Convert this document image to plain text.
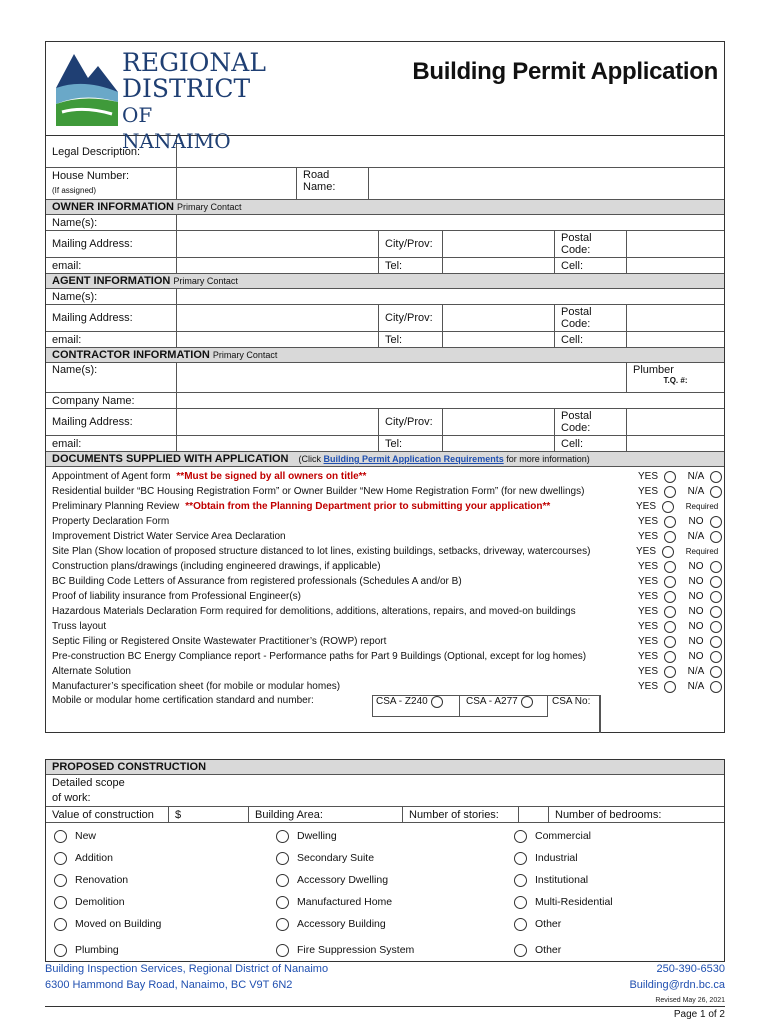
REGIONAL
DISTRICT
OF NANAIMO
Building Permit Application
Legal Description:
House Number:
(If assigned)
Road Name:
OWNER INFORMATION Primary Contact
Name(s):
Mailing Address:	City/Prov:	Postal Code:
email:	Tel:	Cell:
AGENT INFORMATION Primary Contact
Name(s):
Mailing Address:	City/Prov:	Postal Code:
email:	Tel:	Cell:
CONTRACTOR INFORMATION Primary Contact
Name(s):	Plumber
T.Q. #:
Company Name:
Mailing Address:	City/Prov:	Postal Code:
email:	Tel:	Cell:
DOCUMENTS SUPPLIED WITH APPLICATION (Click Building Permit Application Requirements for more information)
Appointment of Agent form **Must be signed by all owners on title**	YES	N/A
Residential builder “BC Housing Registration Form” or Owner Builder “New Home Registration Form” (for new dwellings)	YES	N/A
Preliminary Planning Review **Obtain from the Planning Department prior to submitting your application**	YES	Required
Property Declaration Form	YES	NO
Improvement District Water Service Area Declaration	YES	N/A
Site Plan (Show location of proposed structure distanced to lot lines, existing buildings, setbacks, driveway, watercourses)	YES	Required
Construction plans/drawings (including engineered drawings, if applicable)	YES	NO
BC Building Code Letters of Assurance from registered professionals (Schedules A and/or B)	YES	NO
Proof of liability insurance from Professional Engineer(s)	YES	NO
Hazardous Materials Declaration Form required for demolitions, additions, alterations, repairs, and moved-on buildings	YES	NO
Truss layout	YES	NO
Septic Filing or Registered Onsite Wastewater Practitioner’s (ROWP) report	YES	NO
Pre-construction BC Energy Compliance report - Performance paths for Part 9 Buildings (Optional, except for log homes)	YES	NO
Alternate Solution	YES	N/A
Manufacturer’s specification sheet (for mobile or modular homes)	YES	N/A
Mobile or modular home certification standard and number:	CSA - Z240	CSA - A277	CSA No:
PROPOSED CONSTRUCTION
Detailed scope
of work:
Value of construction	$	Building Area:	Number of stories:	Number of bedrooms:
New
Addition
Renovation
Demolition
Moved on Building
Plumbing
Dwelling
Secondary Suite
Accessory Dwelling
Manufactured Home
Accessory Building
Fire Suppression System
Commercial
Industrial
Institutional
Multi-Residential
Other
Other
Building Inspection Services, Regional District of Nanaimo
6300 Hammond Bay Road, Nanaimo, BC V9T 6N2
250-390-6530
Building@rdn.bc.ca
Revised May 26, 2021
Page 1 of 2
